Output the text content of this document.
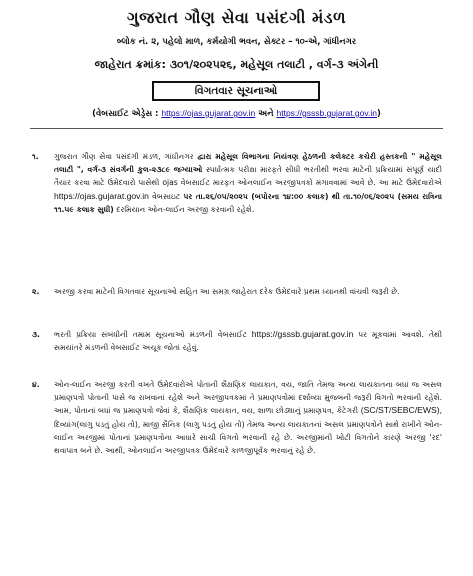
ગુજરાત ગૌણ સેવા પસંદગી મંડળ
બ્લોક નં. ૨, પહેલો માળ, કર્મયોગી ભવન, સેક્ટર – ૧૦-એ, ગાંધીનગર
જાહેરાત ક્રમાંક: ૩૦૧/૨૦૨૫૨૬, મહેસૂલ તલાટી , વર્ગ-૩ અંગેની
વિગતવાર સૂચનાઓ
(વેબસાઈટ એડ્રેસ : https://ojas.gujarat.gov.in અને https://gsssb.gujarat.gov.in)
૧. ગુજરાત ગૌણ સેવા પસંદગી મંડળ, ગાંધીનગર દ્વારા મહેસૂલ વિભાગના નિયંત્રણ હેઠળની કલેક્ટર કચેરી હસ્તકની " મહેસૂલ તલાટી ", વર્ગ-૩ સંવર્ગની કુલ-૨૩૮૯ જગ્યાઓ સ્પર્ધાત્મક પરીક્ષા મારફતે સીધી ભરતીથી ભરવા માટેની પ્રક્રિયામાં સંપૂર્ણ યાદી તૈયાર કરવા માટે ઉમેદવારો પાસેથી ojas વેબસાઈટ મારફત ઓનલાઈન અરજીપત્રકો મંગાવવામાં આવે છે. આ માટે ઉમેદવારોએ https://ojas.gujarat.gov.in વેબસાઇટ પર તા.૨૬/૦૫/૨૦૨૫ (બપોરના ૧૪:૦૦ કલાક) થી તા.૧૦/૦૬/૨૦૨૫ (સમય રાત્રિના ૧૧.૫૯ કલાક સુધી) દરમિયાન ઓન-લાઈન અરજી કરવાની રહેશે.
૨. અરજી કરવા માટેની વિગતવાર સૂચનાઓ સહિત આ સમગ્ર જાહેરાત દરેક ઉમેદવારે પ્રથમ ધ્યાનથી વાંચવી જરૂરી છે.
૩. ભરતી પ્રક્રિયા સંબંધીની તમામ સૂચનાઓ મંડળની વેબસાઈટ https://gsssb.gujarat.gov.in પર મૂકવામાં આવશે. તેથી સમયાંતરે મંડળની વેબસાઈટ અચૂક જોતાં રહેવું.
૪. ઓન-લાઈન અરજી કરતી વખતે ઉમેદવારોએ પોતાની શૈક્ષણિક લાયકાત, વય, જાતિ તેમજ અન્ય લાયકાતના બધાં જ અસલ પ્રમાણપત્રો પોતાની પાસે જ રાખવાનાં રહેશે અને અરજીપત્રકમાં તે પ્રમાણપત્રોમાં દર્શાવ્યા મુજબની જરૂરી વિગતો ભરવાની રહેશે. આમ, પોતાનાં બધાં જ પ્રમાણપત્રો જેવાં કે, શૈક્ષણિક લાયકાત, વય, શાળા છોડ્યાનું પ્રમાણપત્ર, કેટેગરી (SC/ST/SEBC/EWS), દિવ્યાંગ(લાગુ પડતું હોય તો), માજી સૈનિક (લાગુ પડતું હોય તો) તેમજ અન્ય લાયકાતનાં અસલ પ્રમાણપત્રોને સાથે રાખીને ઓન-લાઈન અરજીમાં પોતાનાં પ્રમાણપત્રોના આધારે સાચી વિગતો ભરવાની રહે છે. અરજીમાંની ખોટી વિગતોને કારણે અરજી 'રદ' થવાપાત્ર બને છે. આથી, ઓનલાઈન અરજીપત્રક ઉમેદવારે કાળજીપૂર્વક ભરવાનું રહે છે.
